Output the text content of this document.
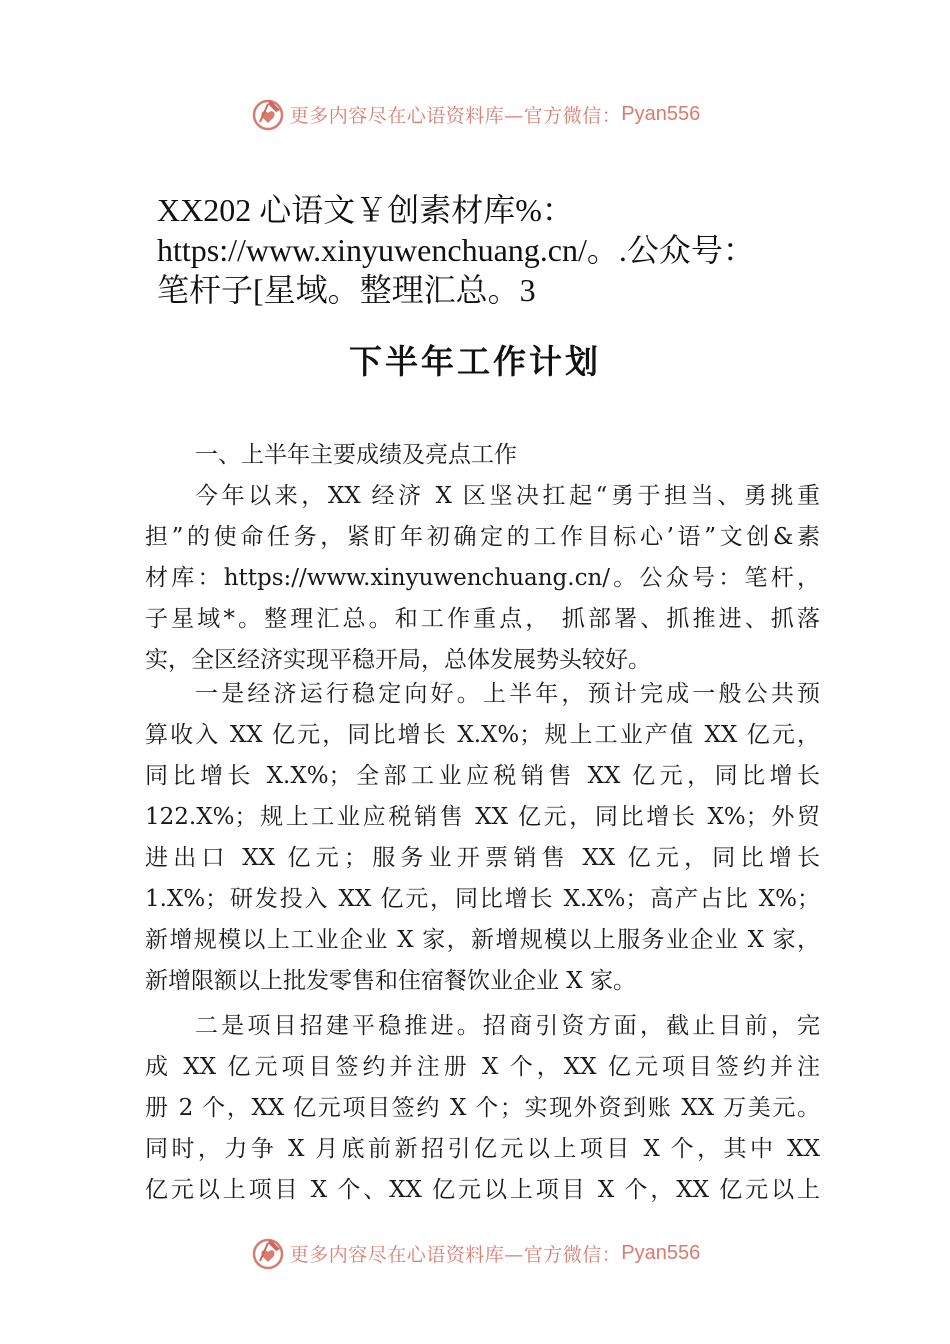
更多内容尽在心语资料库—官方微信： Pyan556
XX202 心语文￥创素材库%：
https://www.xinyuwenchuang.cn/。.公众号：
笔杆子[星域。整理汇总。3
下半年工作计划
一、上半年主要成绩及亮点工作
今年以来，XX 经济 X 区坚决扛起“勇于担当、勇挑重
担”的使命任务，紧盯年初确定的工作目标心’语”文创&素
材库：https://www.xinyuwenchuang.cn/。公众号：笔杆，
子星域*。整理汇总。和工作重点， 抓部署、抓推进、抓落
实，全区经济实现平稳开局，总体发展势头较好。
一是经济运行稳定向好。上半年，预计完成一般公共预
算收入 XX 亿元，同比增长 X.X%；规上工业产值 XX 亿元，
同比增长 X.X%；全部工业应税销售 XX 亿元，同比增长
122.X%；规上工业应税销售 XX 亿元，同比增长 X%；外贸
进出口 XX 亿元；服务业开票销售 XX 亿元，同比增长
1.X%；研发投入 XX 亿元，同比增长 X.X%；高产占比 X%；
新增规模以上工业企业 X 家，新增规模以上服务业企业 X 家，
新增限额以上批发零售和住宿餐饮业企业 X 家。
二是项目招建平稳推进。招商引资方面，截止目前，完
成 XX 亿元项目签约并注册 X 个，XX 亿元项目签约并注
册 2 个，XX 亿元项目签约 X 个；实现外资到账 XX 万美元。
同时，力争 X 月底前新招引亿元以上项目 X 个，其中 XX
亿元以上项目 X 个、XX 亿元以上项目 X 个，XX 亿元以上
更多内容尽在心语资料库—官方微信： Pyan556
